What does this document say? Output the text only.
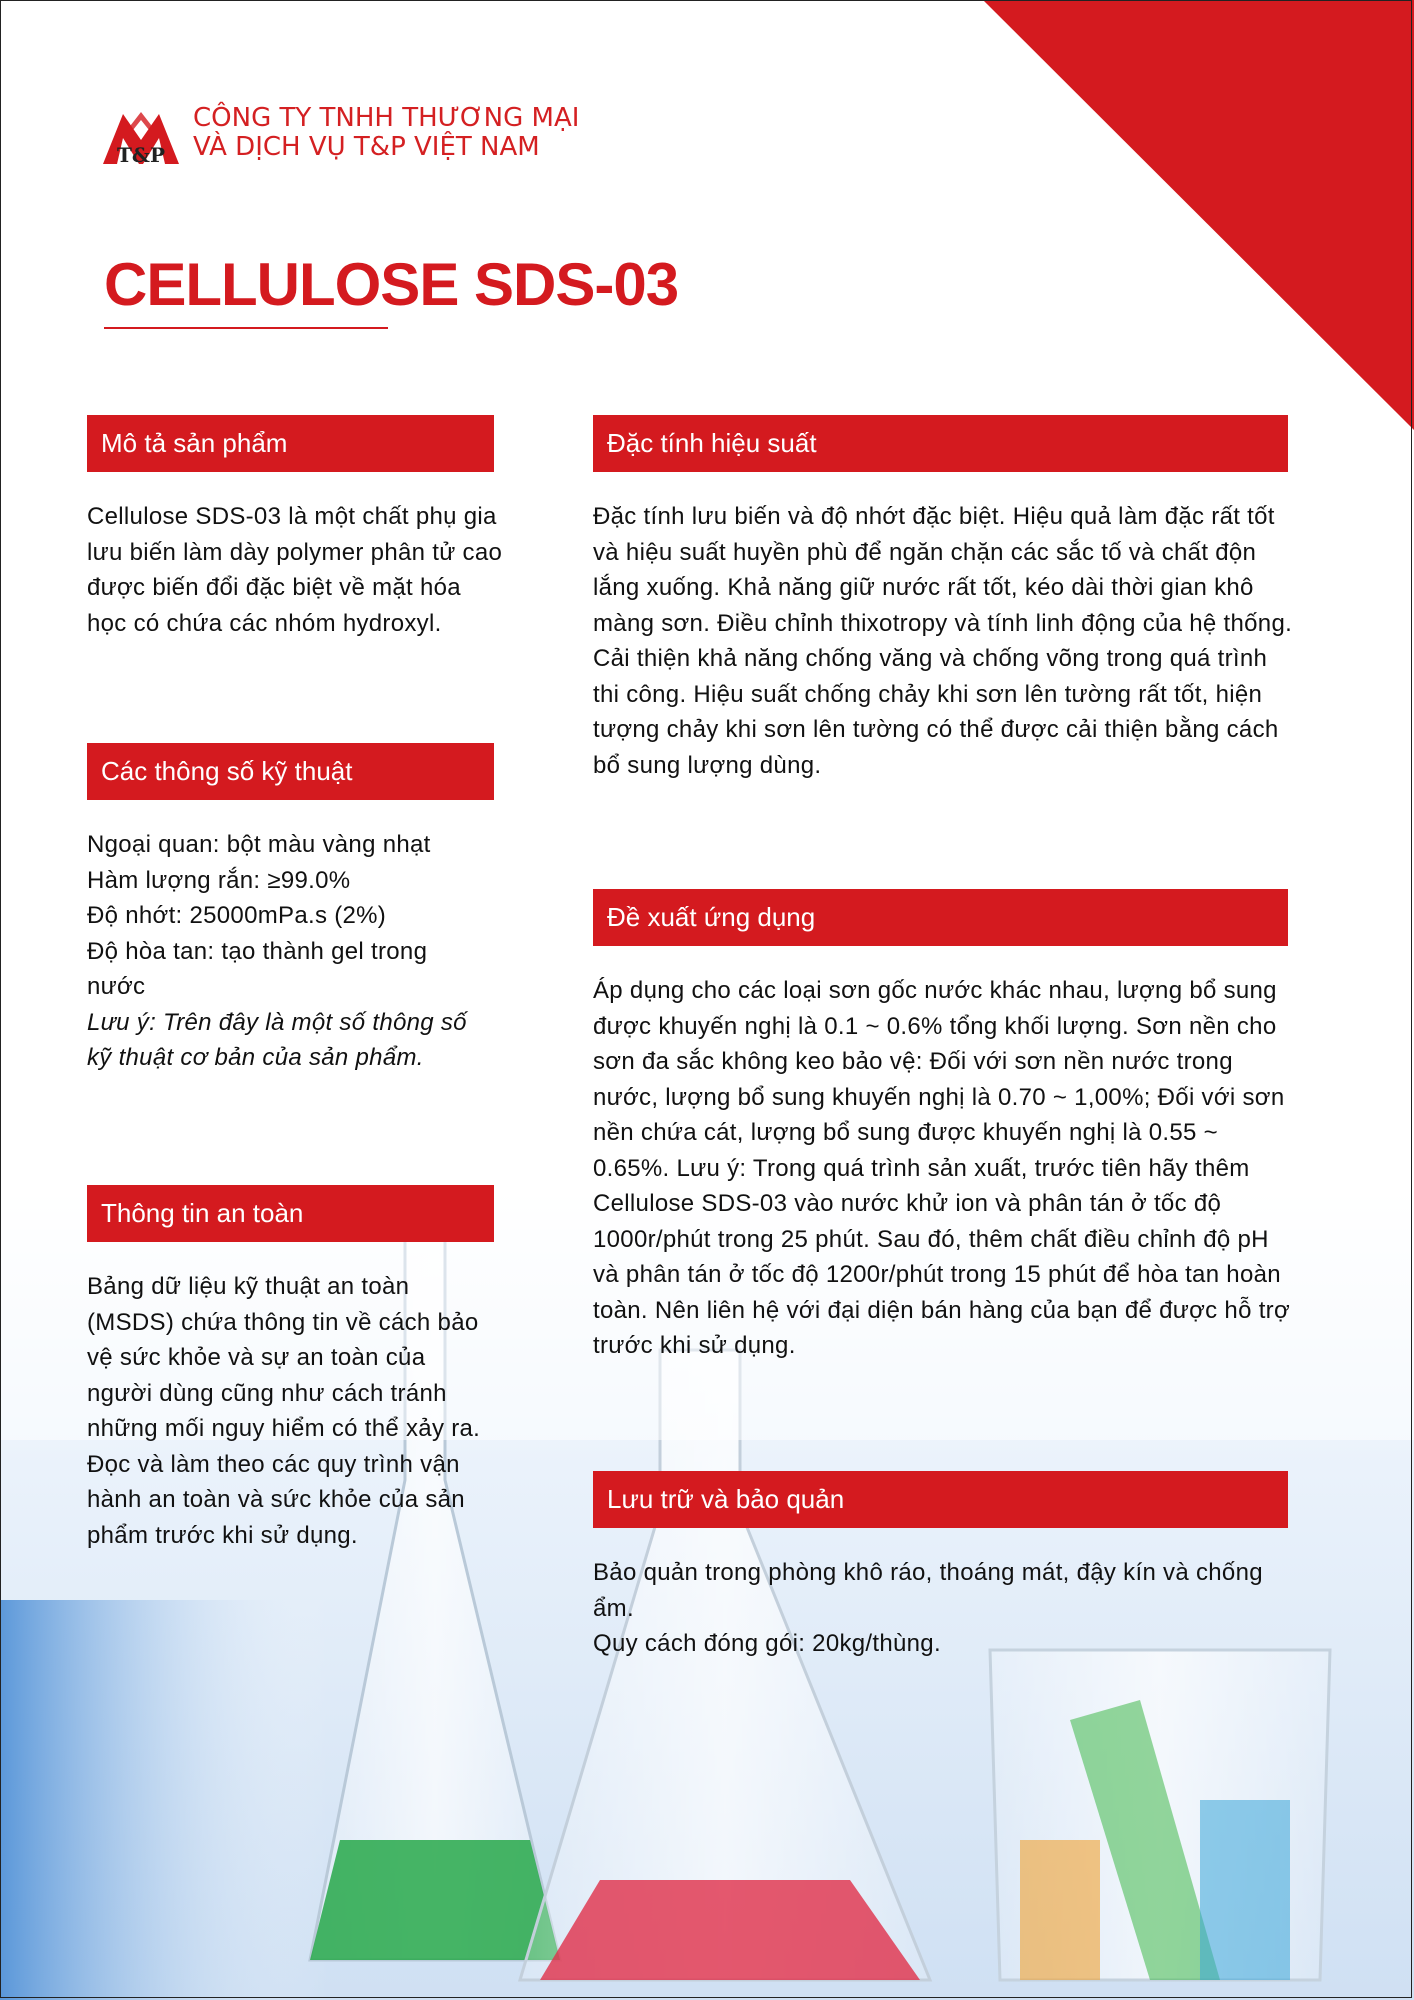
T&P
CÔNG TY TNHH THƯƠNG MẠI
VÀ DỊCH VỤ T&P VIỆT NAM
CELLULOSE SDS-03
Mô tả sản phẩm

Cellulose SDS-03 là một chất phụ gia lưu biến làm dày polymer phân tử cao được biến đổi đặc biệt về mặt hóa học có chứa các nhóm hydroxyl.

Các thông số kỹ thuật

Ngoại quan: bột màu vàng nhạt

Hàm lượng rắn: ≥99.0%

Độ nhớt: 25000mPa.s (2%)

Độ hòa tan: tạo thành gel trong nước

Lưu ý: Trên đây là một số thông số kỹ thuật cơ bản của sản phẩm.

Thông tin an toàn

Bảng dữ liệu kỹ thuật an toàn (MSDS) chứa thông tin về cách bảo vệ sức khỏe và sự an toàn của người dùng cũng như cách tránh những mối nguy hiểm có thể xảy ra. Đọc và làm theo các quy trình vận hành an toàn và sức khỏe của sản phẩm trước khi sử dụng.

Đặc tính hiệu suất

Đặc tính lưu biến và độ nhớt đặc biệt. Hiệu quả làm đặc rất tốt và hiệu suất huyền phù để ngăn chặn các sắc tố và chất độn lắng xuống. Khả năng giữ nước rất tốt, kéo dài thời gian khô màng sơn. Điều chỉnh thixotropy và tính linh động của hệ thống. Cải thiện khả năng chống văng và chống võng trong quá trình thi công. Hiệu suất chống chảy khi sơn lên tường rất tốt, hiện tượng chảy khi sơn lên tường có thể được cải thiện bằng cách bổ sung lượng dùng.

Đề xuất ứng dụng

Áp dụng cho các loại sơn gốc nước khác nhau, lượng bổ sung được khuyến nghị là 0.1 ~ 0.6% tổng khối lượng. Sơn nền cho sơn đa sắc không keo bảo vệ: Đối với sơn nền nước trong nước, lượng bổ sung khuyến nghị là 0.70 ~ 1,00%; Đối với sơn nền chứa cát, lượng bổ sung được khuyến nghị là 0.55 ~ 0.65%. Lưu ý: Trong quá trình sản xuất, trước tiên hãy thêm Cellulose SDS-03 vào nước khử ion và phân tán ở tốc độ 1000r/phút trong 25 phút. Sau đó, thêm chất điều chỉnh độ pH và phân tán ở tốc độ 1200r/phút trong 15 phút để hòa tan hoàn toàn. Nên liên hệ với đại diện bán hàng của bạn để được hỗ trợ trước khi sử dụng.

Lưu trữ và bảo quản

Bảo quản trong phòng khô ráo, thoáng mát, đậy kín và chống ẩm.

Quy cách đóng gói: 20kg/thùng.
